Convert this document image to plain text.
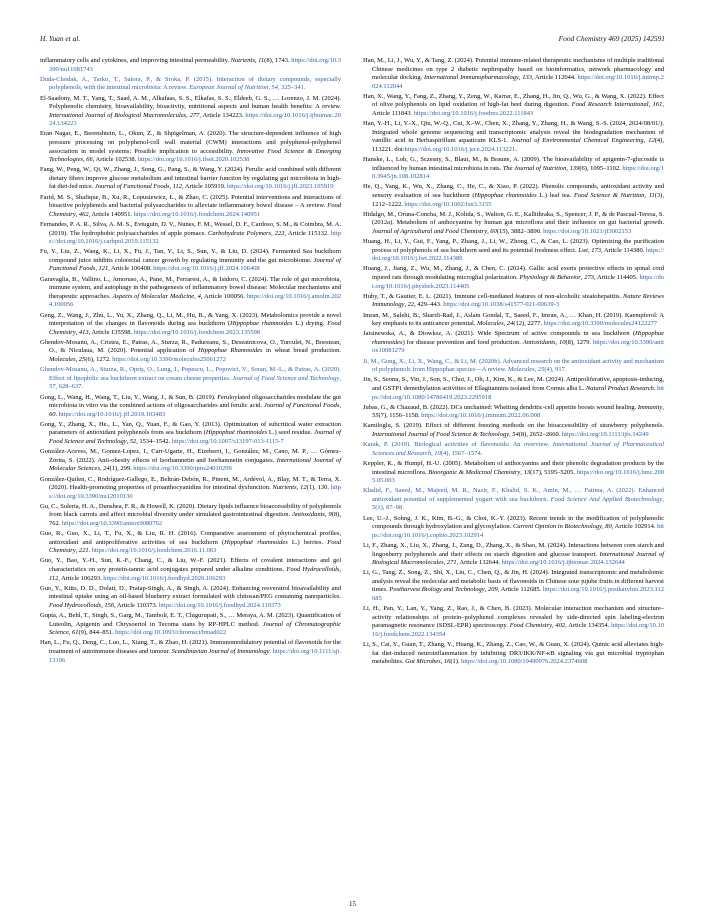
H. Yuan et al.	Food Chemistry 469 (2025) 142591
inflammatory cells and cytokines, and improving intestinal permeability. Nutrients, 11(8), 1743. https://doi.org/10.3390/nu11081743
Duda-Chodak, A., Tarko, T., Satora, P., & Sroka, P. (2015). Interaction of dietary compounds, especially polyphenols, with the intestinal microbiota: A review. European Journal of Nutrition, 54, 325–341.
El-Saadony, M. T., Yang, T., Saad, A. M., Alkafaas, S. S., Elkafas, S. S., Eldeeb, G. S., … Lorenzo, J. M. (2024). Polyphenolic chemistry, bioavailability, bioactivity, nutritional aspects and human health benefits: A review. International Journal of Biological Macromolecules, 277, Article 134223. https://doi.org/10.1016/j.ijbiomac.2024.134223
Eran Nagar, E., Berenshtein, L., Okun, Z., & Shpigelman, A. (2020). The structure-dependent influence of high pressure processing on polyphenol-cell wall material (CWM) interactions and polyphenol-polyphenol association in model systems: Possible implication to accessibility. Innovative Food Science & Emerging Technologies, 66, Article 102538. https://doi.org/10.1016/j.ifset.2020.102538
Fang, W., Peng, W., Qi, W., Zhang, J., Song, G., Pang, S., & Wang, Y. (2024). Ferulic acid combined with different dietary fibers improve glucose metabolism and intestinal barrier function by regulating gut microbiota in high-fat diet-fed mice. Journal of Functional Foods, 112, Article 105919. https://doi.org/10.1016/j.jff.2023.105919
Farid, M. S., Shafique, B., Xu, R., Łopusiewicz, Ł., & Zhao, C. (2025). Potential interventions and interactions of bioactive polyphenols and bacterial polysaccharides to alleviate inflammatory bowel disease – A review. Food Chemistry, 462, Article 140951. https://doi.org/10.1016/j.foodchem.2024.140951
Fernandes, P. A. R., Silva, A. M. S., Evtuguin, D. V., Nunes, F. M., Wessel, D. F., Cardoso, S. M., & Coimbra, M. A. (2019). The hydrophobic polysaccharides of apple pomace. Carbohydrate Polymers, 223, Article 115132. https://doi.org/10.1016/j.carbpol.2019.115132
Fu, Y., Liu, Z., Wang, K., Li, X., Fu, J., Tan, Y., Li, S., Sun, Y., & Liu, D. (2024). Fermented Sea buckthorn compound juice inhibits colorectal cancer growth by regulating immunity and the gut microbiome. Journal of Functional Foods, 121, Article 106408. https://doi.org/10.1016/j.jff.2024.106408
Garavaglia, B., Vallino, L., Amoruso, A., Pane, M., Ferraresi, A., & Isidoro, C. (2024). The role of gut microbiota, immune system, and autophagy in the pathogenesis of inflammatory bowel disease: Molecular mechanisms and therapeutic approaches. Aspects of Molecular Medicine, 4, Article 100056. https://doi.org/10.1016/j.amolm.2024.100056
Geng, Z., Wang, J., Zhu, L., Yu, X., Zhang, Q., Li, M., Hu, B., & Yang, X. (2023). Metabolomics provide a novel interpretation of the changes in flavonoids during sea buckthorn (Hippophae rhamnoides L.) drying. Food Chemistry, 413, Article 135598. https://doi.org/10.1016/j.foodchem.2023.135598
Ghendov-Mosanu, A., Cristea, E., Patras, A., Sturza, R., Padureanu, S., Deseatnicova, O., Turculet, N., Boestean, O., & Niculaua, M. (2020). Potential application of Hippophae Rhamnoides in wheat bread production. Molecules, 25(6), 1272. https://doi.org/10.3390/molecules25061272
Ghendov-Mosanu, A., Sturza, R., Opriş, O., Lung, I., Popescu, L., Popovici, V., Soran, M.-L., & Patras, A. (2020). Effect of lipophilic sea buckthorn extract on cream cheese properties. Journal of Food Science and Technology, 57, 628–637.
Gong, L., Wang, H., Wang, T., Liu, Y., Wang, J., & Sun, B. (2019). Feruloylated oligosaccharides modulate the gut microbiota in vitro via the combined actions of oligosaccharides and ferulic acid. Journal of Functional Foods, 60. https://doi.org/10.1016/j.jff.2019.103483
Gong, Y., Zhang, X., He., L., Yan, Q., Yuan, F., & Gao, Y. (2013). Optimization of subcritical water extraction parameters of antioxidant polyphenols from sea buckthorn (Hippophaë rhamnoides L.) seed residue. Journal of Food Science and Technology, 52, 1534–1542. https://doi.org/10.1007/s13197-013-1115-7
González-Aceves, M., Gomez-Lopez, I., Carr-Ugarte, H., Eizeberri, I., González, M., Cano, M. P., … Gómez-Zorita, S. (2022). Anti-obesity effects of Isorhamnetin and Isorhamnetin conjugates. International Journal of Molecular Sciences, 24(1), 299. https://doi.org/10.3390/ijms24010299
González-Quilen, C., Rodríguez-Gallego, E., Beltrán-Debón, R., Pinent, M., Ardévol, A., Blay, M. T., & Terra, X. (2020). Health-promoting properties of proanthocyanidins for intestinal dysfunction. Nutrients, 12(1), 130. https://doi.org/10.3390/nu12010130
Gu, C., Suleria, H. A., Dunshea, F. R., & Howell, K. (2020). Dietary lipids influence bioaccessibility of polyphenols from black carrots and affect microbial diversity under simulated gastrointestinal digestion. Antioxidants, 9(8), 762. https://doi.org/10.3390/antiox9080762
Guo, R., Guo, X., Li, T., Fu, X., & Liu, R. H. (2016). Comparative assessment of phytochemical profiles, antioxidant and antiproliferative activities of sea buckthorn (Hippophaë rhamnoides L.) berries. Food Chemistry, 221. https://doi.org/10.1016/j.foodchem.2016.11.063
Guo, Y., Bao, Y.-H., Sun, K.-F., Chang, C., & Liu, W.-F. (2021). Effects of covalent interactions and gel characteristics on soy protein-tannic acid conjugates prepared under alkaline conditions. Food Hydrocolloids, 112, Article 106293. https://doi.org/10.1016/j.foodhyd.2020.106293
Guo, Y., Kitts, D. D., Dolati, D., Pratap-Singh, A., & Singh, A. (2024). Enhancing resveratrol bioavailability and intestinal uptake using an oil-based blueberry extract formulated with chitosan/PEG containing nanoparticles. Food Hydrocolloids, 156, Article 110373. https://doi.org/10.1016/j.foodhyd.2024.110373
Gupta, A., Behl, T., Singh, S., Garg, M., Tamboli, E. T., Chigurupati, S., … Meraya, A. M. (2023). Quantification of Luteolin, Apigenin and Chrysoeriol in Tecoma stans by RP-HPLC method. Journal of Chromatographic Science, 61(9), 844–851. https://doi.org/10.1093/chromsci/bmad022
Han, L., Fu, Q., Deng, C., Luo, L., Xiang, T., & Zhao, H. (2021). Immunomodulatory potential of flavonoids for the treatment of autoimmune diseases and tumour. Scandinavian Journal of Immunology. https://doi.org/10.1111/sji.13106
Han, M., Li, J., Wu, Y., & Tang, Z. (2024). Potential immune-related therapeutic mechanisms of multiple traditional Chinese medicines on type 2 diabetic nephropathy based on bioinformatics, network pharmacology and molecular docking. International Immunopharmacology, 133, Article 112044. https://doi.org/10.1016/j.intimp.2024.112044
Han, X., Wang, Y., Fang, Z., Zhang, Y., Zeng, W., Karrar, E., Zhang, H., Jin, Q., Wu, G., & Wang, X. (2022). Effect of olive polyphenols on lipid oxidation of high-fat beef during digestion. Food Research International, 161, Article 111843. https://doi.org/10.1016/j.foodres.2022.111843
Han, Y.-H., Li, Y.-X., Qiu, W.-Q., Cui, X.-W., Chen, X., Zhang, Y., Zhang, H., & Wang, S.-S. (2024, 2024/08/01/). Integrated whole genome sequencing and transcriptomic analysis reveal the biodegradation mechanism of vanillic acid in Herbaspirillum aquaticum KLS-1. Journal of Environmental Chemical Engineering, 12(4), 113221. doi:https://doi.org/10.1016/j.jece.2024.113221.
Hanske, L., Loh, G., Sczesny, S., Blaut, M., & Braune, A. (2009). The bioavailability of apigenin-7-glucoside is influenced by human intestinal microbiota in rats. The Journal of Nutrition, 139(6), 1095–1102. https://doi.org/10.3945/jn.108.102814
He, Q., Yang, K., Wu, X., Zhang, C., He, C., & Xiao, P. (2022). Phenolic compounds, antioxidant activity and sensory evaluation of sea buckthorn (Hippophae rhamnoides L.) leaf tea. Food Science & Nutrition, 11(3), 1212–1222. https://doi.org/10.1002/fsn3.3155
Hidalgo, M., Oruna-Concha, M. J., Kolida, S., Walton, G. E., Kallithraka, S., Spencer, J. P., & de Pascual-Teresa, S. (2012a). Metabolism of anthocyanins by human gut microflora and their influence on gut bacterial growth. Journal of Agricultural and Food Chemistry, 60(15), 3882–3890. https://doi.org/10.1021/jf3002153
Huang, H., Li, Y., Gui, F., Yang, P., Zhang, J., Li, W., Zhong, C., & Cao, L. (2023). Optimizing the purification process of polyphenols of sea buckthorn seed and its potential freshness effect. Lwt, 173, Article 114380. https://doi.org/10.1016/j.lwt.2022.114380
Huang, J., Jiang, Z., Wu, M., Zhang, J., & Chen, C. (2024). Gallic acid exerts protective effects in spinal cord injured rats through modulating microglial polarization. Physiology & Behavior, 273, Article 114405. https://doi.org/10.1016/j.physbeh.2023.114405
Huby, T., & Gautier, E. L. (2021). Immune cell-mediated features of non-alcoholic steatohepatitis. Nature Reviews Immunology, 22, 429–443. https://doi.org/10.1038/s41577-021-00639-3
Imran, M., Salehi, B., Sharifi-Rad, J., Aslam Gondal, T., Saeed, F., Imran, A., … Khan, H. (2019). Kaempferol: A key emphasis to its anticancer potential. Molecules, 24(12), 2277. https://doi.org/10.3390/molecules24122277
Jaisinewska, A., & Diowksz, A. (2021). Wide Spectrum of active compounds in sea buckthorn (Hippophae rhamnoides) for disease prevention and food production. Antioxidants, 10(8), 1279. https://doi.org/10.3390/antiox10081279
Ji, M., Gong, X., Li, X., Wang, C., & Li, M. (2020b). Advanced research on the antioxidant activity and mechanism of polyphenols from Hippophae species—A review. Molecules, 25(4), 917.
Jin, S., Seonu, S., Yin, J., Son, S., Choi, J., Oh, J., Kim, K., & Lee, M. (2024). Antiproliferative, apoptosis-inducing, and GSTP1 demethylation activities of Ellagitannins isolated from Cornus alba L. Natural Product Research. https://doi.org/10.1080/14786419.2023.2295918
Jubas, G., & Chazaud, B. (2022). DCs unchained: Whetting dendritic-cell appetite boosts wound healing. Immunity, 55(7), 1156–1158. https://doi.org/10.1016/j.immuni.2022.06.008
Kamiloglu, S. (2019). Effect of different freezing methods on the bioaccessibility of strawberry polyphenols. International Journal of Food Science & Technology, 54(8), 2652–2660. https://doi.org/10.1111/ijfs.14249
Karak, P. (2019). Biological activities of flavonoids: An overview. International Journal of Pharmaceutical Sciences and Research, 10(4), 1567–1574.
Keppler, K., & Humpf, H.-U. (2005). Metabolism of anthocyanins and their phenolic degradation products by the intestinal microflora. Bioorganic & Medicinal Chemistry, 13(17), 5195–5205. https://doi.org/10.1016/j.bmc.2005.05.003
Khalid, F., Saeed, M., Majeed, M. R., Nazir, F., Khalid, S. K., Amin, M., … Fatima, A. (2022). Enhanced antioxidant potential of supplemented yogurt with sea buckthorn. Food Science And Applied Biotechnology, 5(1), 87–98.
Lee, U.-J., Sohng, J. K., Kim, B.-G., & Choi, K.-Y. (2023). Recent trends in the modification of polyphenolic compounds through hydroxylation and glycosylation. Current Opinion in Biotechnology, 80, Article 102914. https://doi.org/10.1016/j.copbio.2023.102914
Li, F., Zhang, X., Liu, X., Zhang, J., Zang, D., Zhang, X., & Shao, M. (2024). Interactions between corn starch and lingonberry polyphenols and their effects on starch digestion and glucose transport. International Journal of Biological Macromolecules, 271, Article 132644. https://doi.org/10.1016/j.ijbiomac.2024.132644
Li, G., Tang, Z., Song, Z., Shi, X., Liu, C., Chen, Q., & Jin, H. (2024). Integrated transcriptomic and metabolomic analysis reveal the molecular and metabolic basis of flavonoids in Chinese sour jujube fruits in different harvest times. Postharvest Biology and Technology, 209, Article 112685. https://doi.org/10.1016/j.postharvbio.2023.112685
Li, H., Pan, Y., Lan, Y., Yang, Z., Rao, J., & Chen, B. (2023). Molecular interaction mechanism and structure–activity relationships of protein–polyphenol complexes revealed by side-directed spin labeling-electron paramagnetic resonance (SDSL-EPR) spectroscopy. Food Chemistry, 402, Article 134354. https://doi.org/10.1016/j.foodchem.2022.134354
Li, S., Cai, Y., Guan, T., Zhang, Y., Huang, K., Zhang, Z., Cao, W., & Guan, X. (2024). Quinic acid alleviates high-fat diet-induced neuroinflammation by inhibiting DR3/IKK/NF-κB signaling via gut microbial tryptophan metabolites. Gut Microbes, 16(1). https://doi.org/10.1080/19490976.2024.2374608
15
